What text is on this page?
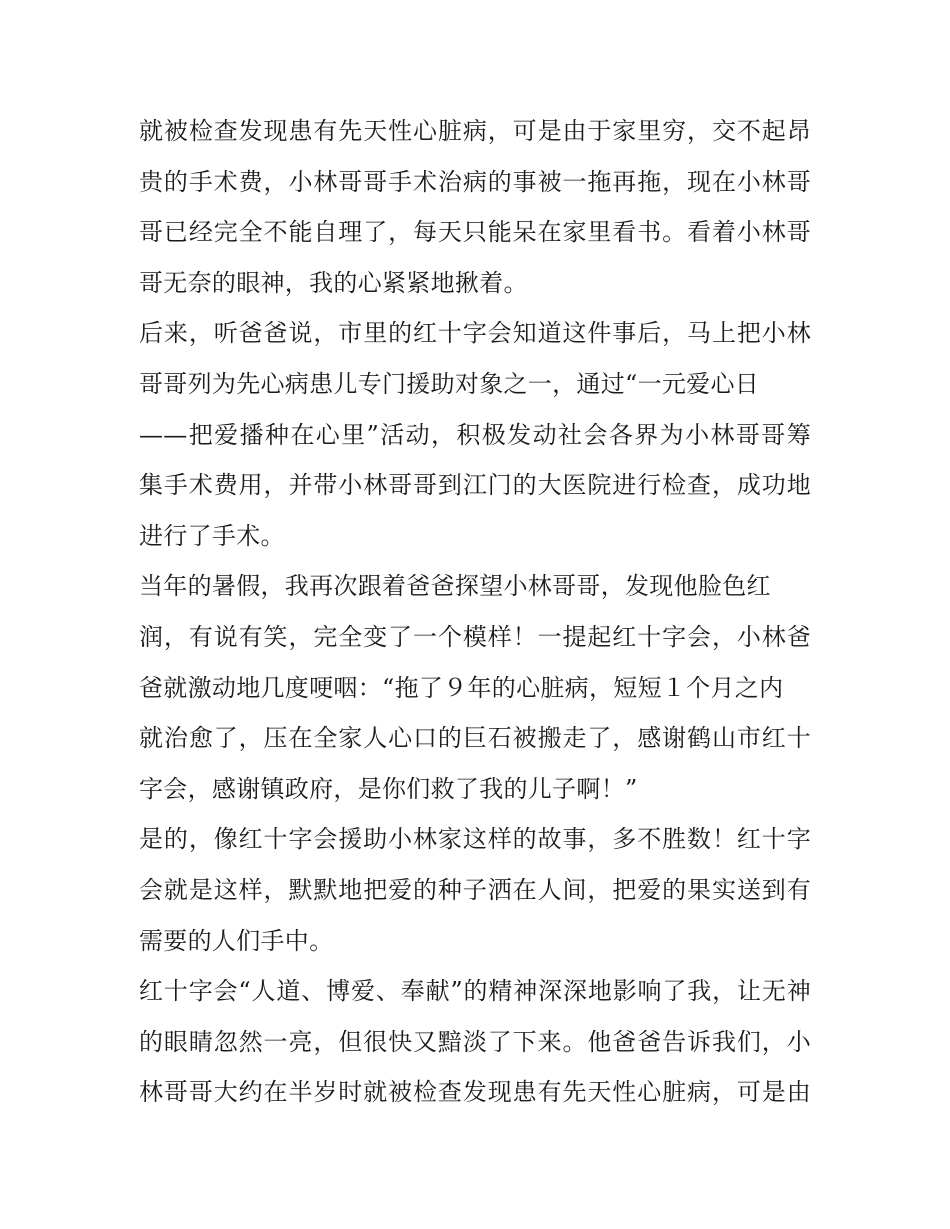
就被检查发现患有先天性心脏病，可是由于家里穷，交不起昂
贵的手术费，小林哥哥手术治病的事被一拖再拖，现在小林哥
哥已经完全不能自理了，每天只能呆在家里看书。看着小林哥
哥无奈的眼神，我的心紧紧地揪着。
后来，听爸爸说，市里的红十字会知道这件事后，马上把小林
哥哥列为先心病患儿专门援助对象之一，通过“一元爱心日
——把爱播种在心里”活动，积极发动社会各界为小林哥哥筹
集手术费用，并带小林哥哥到江门的大医院进行检查，成功地
进行了手术。
当年的暑假，我再次跟着爸爸探望小林哥哥，发现他脸色红
润，有说有笑，完全变了一个模样！一提起红十字会，小林爸
爸就激动地几度哽咽：“拖了９年的心脏病，短短１个月之内
就治愈了，压在全家人心口的巨石被搬走了，感谢鹤山市红十
字会，感谢镇政府，是你们救了我的儿子啊！”
是的，像红十字会援助小林家这样的故事，多不胜数！红十字
会就是这样，默默地把爱的种子洒在人间，把爱的果实送到有
需要的人们手中。
红十字会“人道、博爱、奉献”的精神深深地影响了我，让无神
的眼睛忽然一亮，但很快又黯淡了下来。他爸爸告诉我们，小
林哥哥大约在半岁时就被检查发现患有先天性心脏病，可是由
